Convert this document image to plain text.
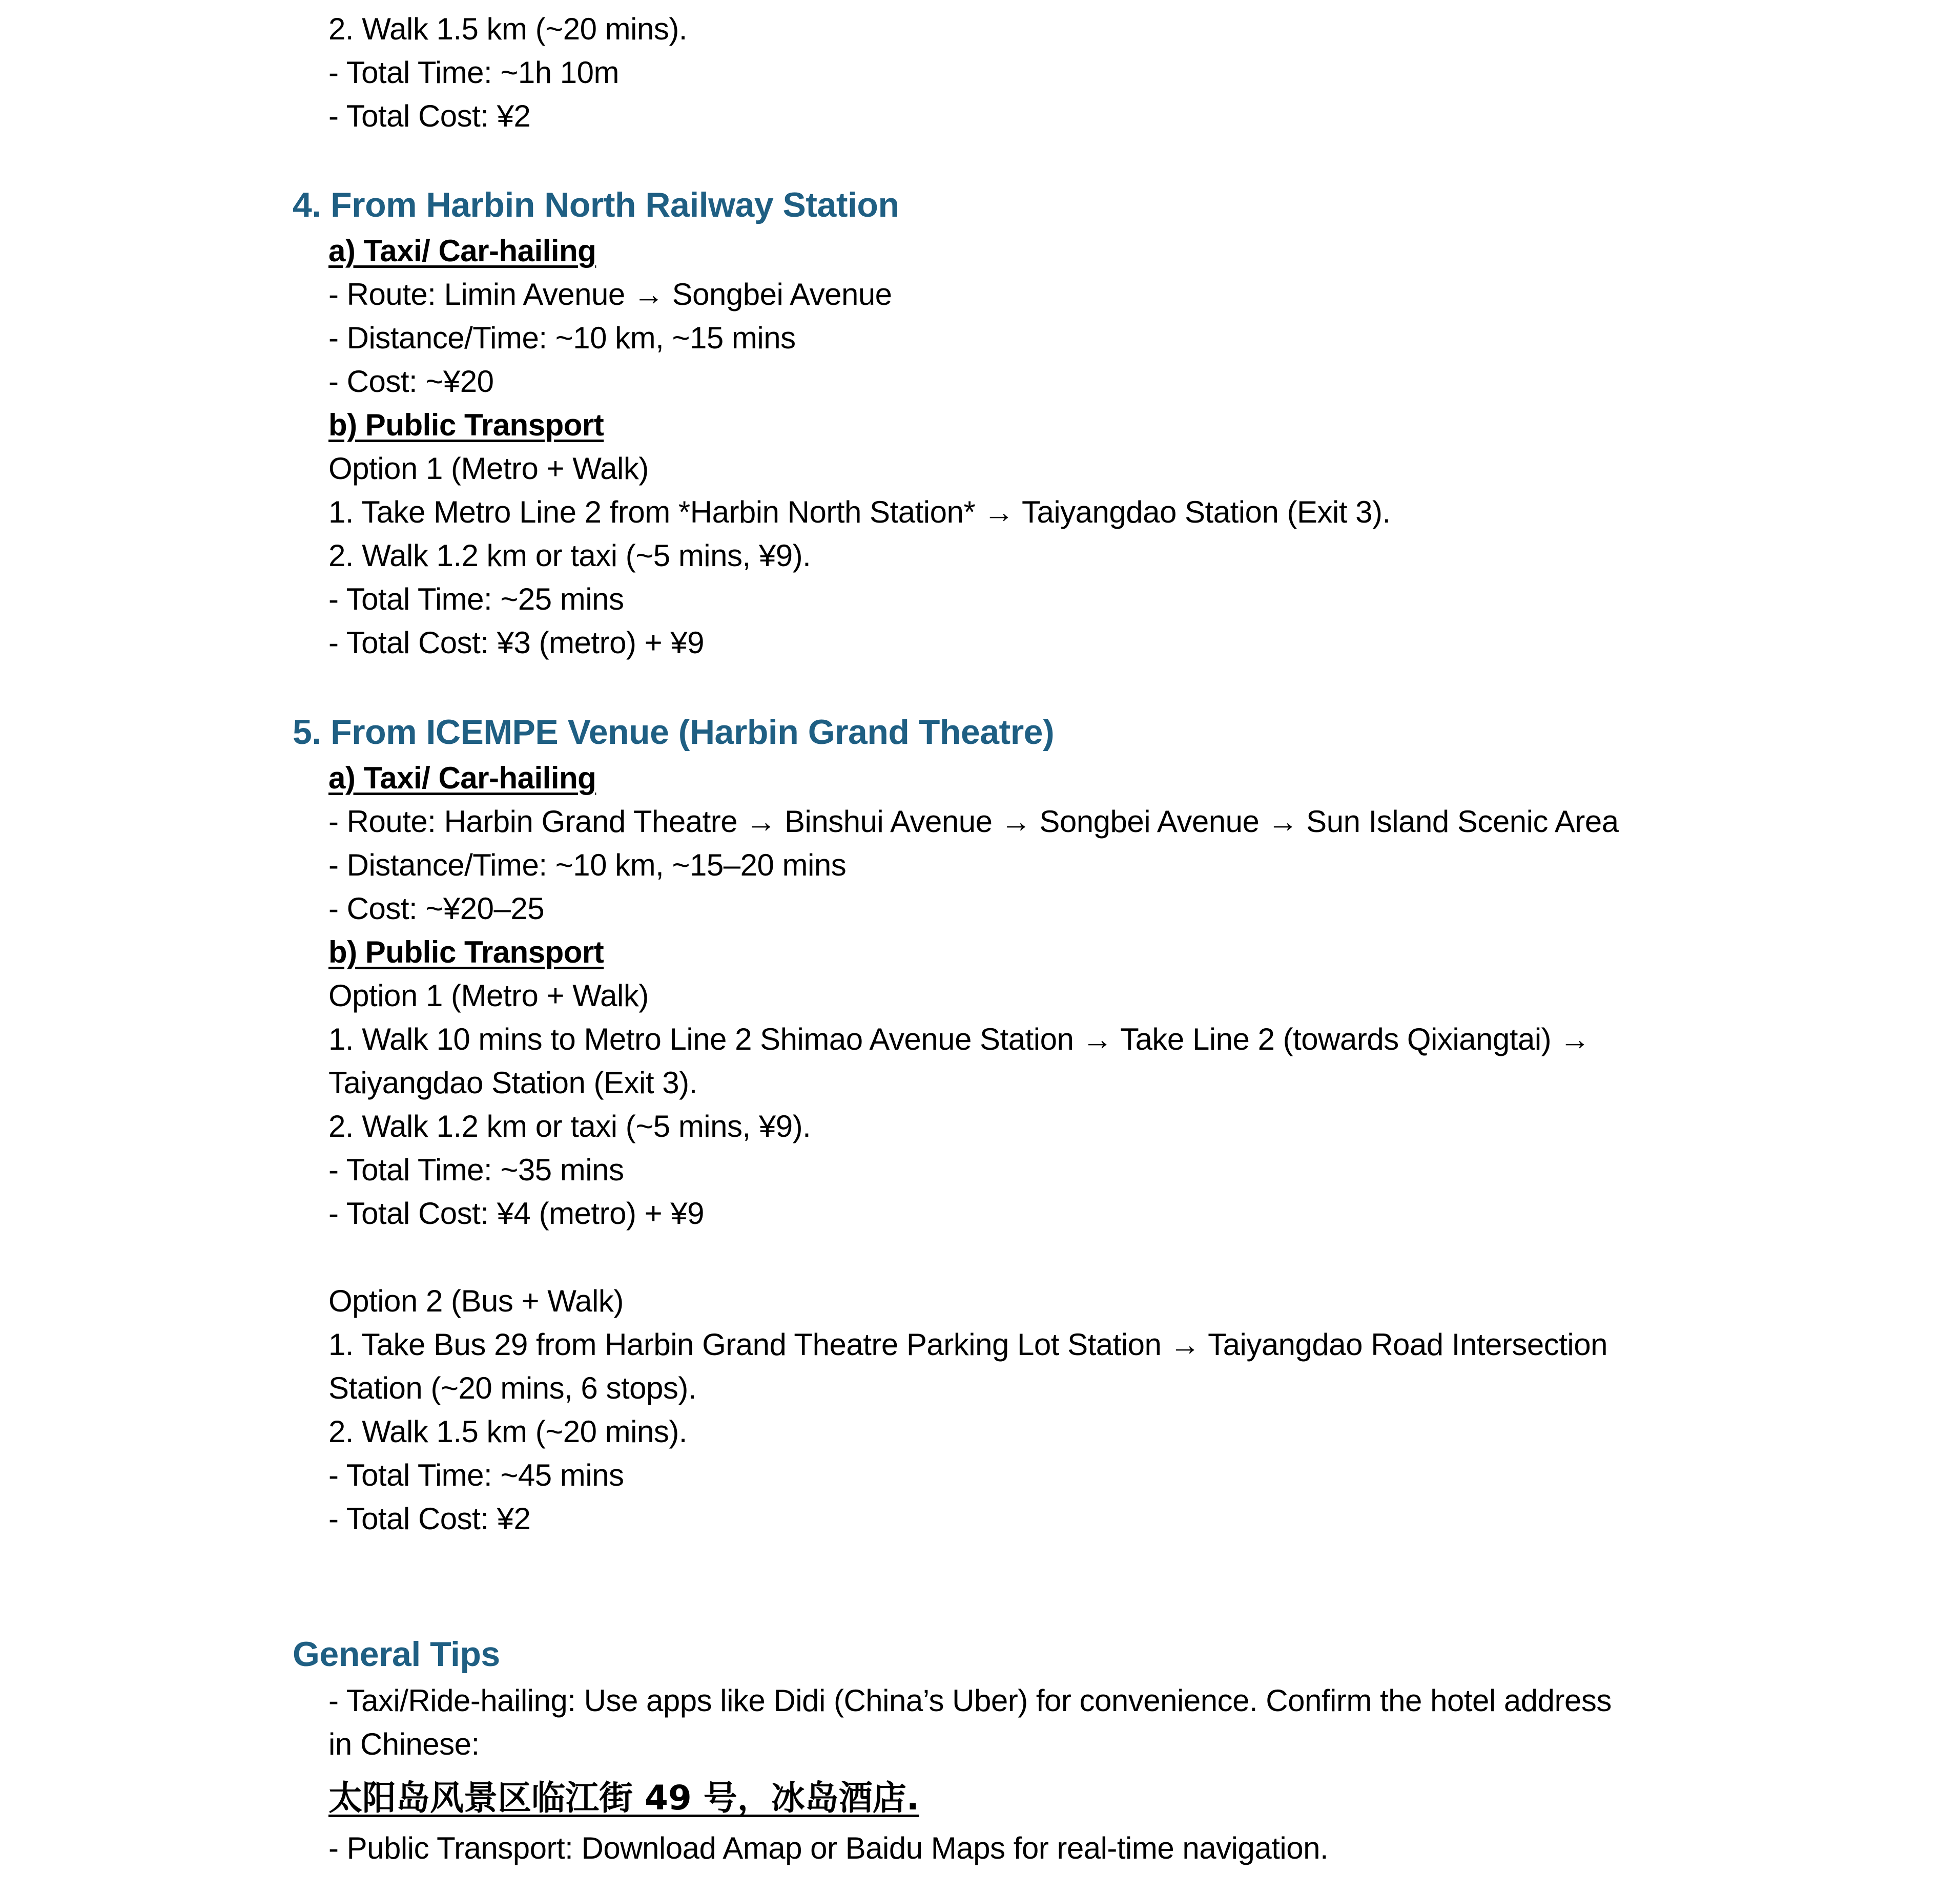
2. Walk 1.5 km (~20 mins).
- Total Time: ~1h 10m
- Total Cost: ¥2
4. From Harbin North Railway Station
a) Taxi/ Car-hailing
- Route: Limin Avenue → Songbei Avenue
- Distance/Time: ~10 km, ~15 mins
- Cost: ~¥20
b) Public Transport
Option 1 (Metro + Walk)
1. Take Metro Line 2 from *Harbin North Station* → Taiyangdao Station (Exit 3).
2. Walk 1.2 km or taxi (~5 mins, ¥9).
- Total Time: ~25 mins
- Total Cost: ¥3 (metro) + ¥9
5. From ICEMPE Venue (Harbin Grand Theatre)
a) Taxi/ Car-hailing
- Route: Harbin Grand Theatre → Binshui Avenue → Songbei Avenue → Sun Island Scenic Area
- Distance/Time: ~10 km, ~15–20 mins
- Cost: ~¥20–25
b) Public Transport
Option 1 (Metro + Walk)
1. Walk 10 mins to Metro Line 2 Shimao Avenue Station → Take Line 2 (towards Qixiangtai) →
Taiyangdao Station (Exit 3).
2. Walk 1.2 km or taxi (~5 mins, ¥9).
- Total Time: ~35 mins
- Total Cost: ¥4 (metro) + ¥9
Option 2 (Bus + Walk)
1. Take Bus 29 from Harbin Grand Theatre Parking Lot Station → Taiyangdao Road Intersection
Station (~20 mins, 6 stops).
2. Walk 1.5 km (~20 mins).
- Total Time: ~45 mins
- Total Cost: ¥2
General Tips
- Taxi/Ride-hailing: Use apps like Didi (China’s Uber) for convenience. Confirm the hotel address
in Chinese:
太阳岛风景区临江街 49 号，冰岛酒店.
- Public Transport: Download Amap or Baidu Maps for real-time navigation.
